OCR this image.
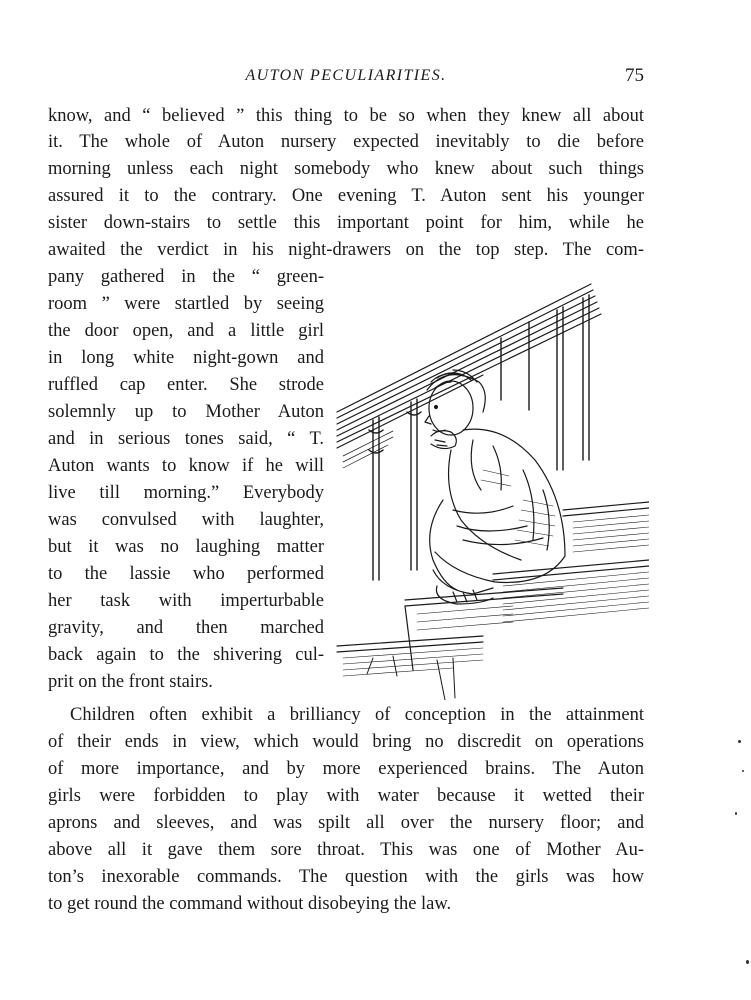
AUTON PECULIARITIES.	75
know, and “ believed ” this thing to be so when they knew all about
it. The whole of Auton nursery expected inevitably to die before
morning unless each night somebody who knew about such things
assured it to the contrary. One evening T. Auton sent his younger
sister down-stairs to settle this important point for him, while he
awaited the verdict in his night-drawers on the top step. The com-
pany gathered in the “ green-
room ” were startled by seeing
the door open, and a little girl
in long white night-gown and
ruffled cap enter. She strode
solemnly up to Mother Auton
and in serious tones said, “ T.
Auton wants to know if he will
live till morning.” Everybody
was convulsed with laughter,
but it was no laughing matter
to the lassie who performed
her task with imperturbable
gravity, and then marched
back again to the shivering cul-
prit on the front stairs.
Children often exhibit a brilliancy of conception in the attainment
of their ends in view, which would bring no discredit on operations
of more importance, and by more experienced brains. The Auton
girls were forbidden to play with water because it wetted their
aprons and sleeves, and was spilt all over the nursery floor; and
above all it gave them sore throat. This was one of Mother Au-
ton’s inexorable commands. The question with the girls was how
to get round the command without disobeying the law.
